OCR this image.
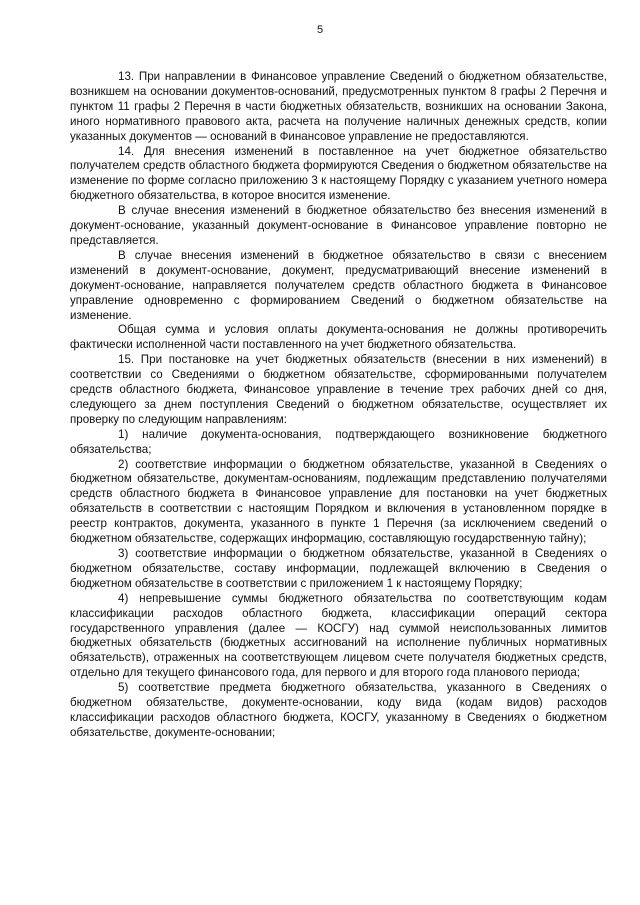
5

13. При направлении в Финансовое управление Сведений о бюджетном обязательстве, возникшем на основании документов-оснований, предусмотренных пунктом 8 графы 2 Перечня и пунктом 11 графы 2 Перечня в части бюджетных обязательств, возникших на основании Закона, иного нормативного правового акта, расчета на получение наличных денежных средств, копии указанных документов — оснований в Финансовое управление не предоставляются.

14. Для внесения изменений в поставленное на учет бюджетное обязательство получателем средств областного бюджета формируются Сведения о бюджетном обязательстве на изменение по форме согласно приложению 3 к настоящему Порядку с указанием учетного номера бюджетного обязательства, в которое вносится изменение.

В случае внесения изменений в бюджетное обязательство без внесения изменений в документ-основание, указанный документ-основание в Финансовое управление повторно не представляется.

В случае внесения изменений в бюджетное обязательство в связи с внесением изменений в документ-основание, документ, предусматривающий внесение изменений в документ-основание, направляется получателем средств областного бюджета в Финансовое управление одновременно с формированием Сведений о бюджетном обязательстве на изменение.

Общая сумма и условия оплаты документа-основания не должны противоречить фактически исполненной части поставленного на учет бюджетного обязательства.

15. При постановке на учет бюджетных обязательств (внесении в них изменений) в соответствии со Сведениями о бюджетном обязательстве, сформированными получателем средств областного бюджета, Финансовое управление в течение трех рабочих дней со дня, следующего за днем поступления Сведений о бюджетном обязательстве, осуществляет их проверку по следующим направлениям:

1) наличие документа-основания, подтверждающего возникновение бюджетного обязательства;

2) соответствие информации о бюджетном обязательстве, указанной в Сведениях о бюджетном обязательстве, документам-основаниям, подлежащим представлению получателями средств областного бюджета в Финансовое управление для постановки на учет бюджетных обязательств в соответствии с настоящим Порядком и включения в установленном порядке в реестр контрактов, документа, указанного в пункте 1 Перечня (за исключением сведений о бюджетном обязательстве, содержащих информацию, составляющую государственную тайну);

3) соответствие информации о бюджетном обязательстве, указанной в Сведениях о бюджетном обязательстве, составу информации, подлежащей включению в Сведения о бюджетном обязательстве в соответствии с приложением 1 к настоящему Порядку;

4) непревышение суммы бюджетного обязательства по соответствующим кодам классификации расходов областного бюджета, классификации операций сектора государственного управления (далее — КОСГУ) над суммой неиспользованных лимитов бюджетных обязательств (бюджетных ассигнований на исполнение публичных нормативных обязательств), отраженных на соответствующем лицевом счете получателя бюджетных средств, отдельно для текущего финансового года, для первого и для второго года планового периода;

5) соответствие предмета бюджетного обязательства, указанного в Сведениях о бюджетном обязательстве, документе-основании, коду вида (кодам видов) расходов классификации расходов областного бюджета, КОСГУ, указанному в Сведениях о бюджетном обязательстве, документе-основании;
